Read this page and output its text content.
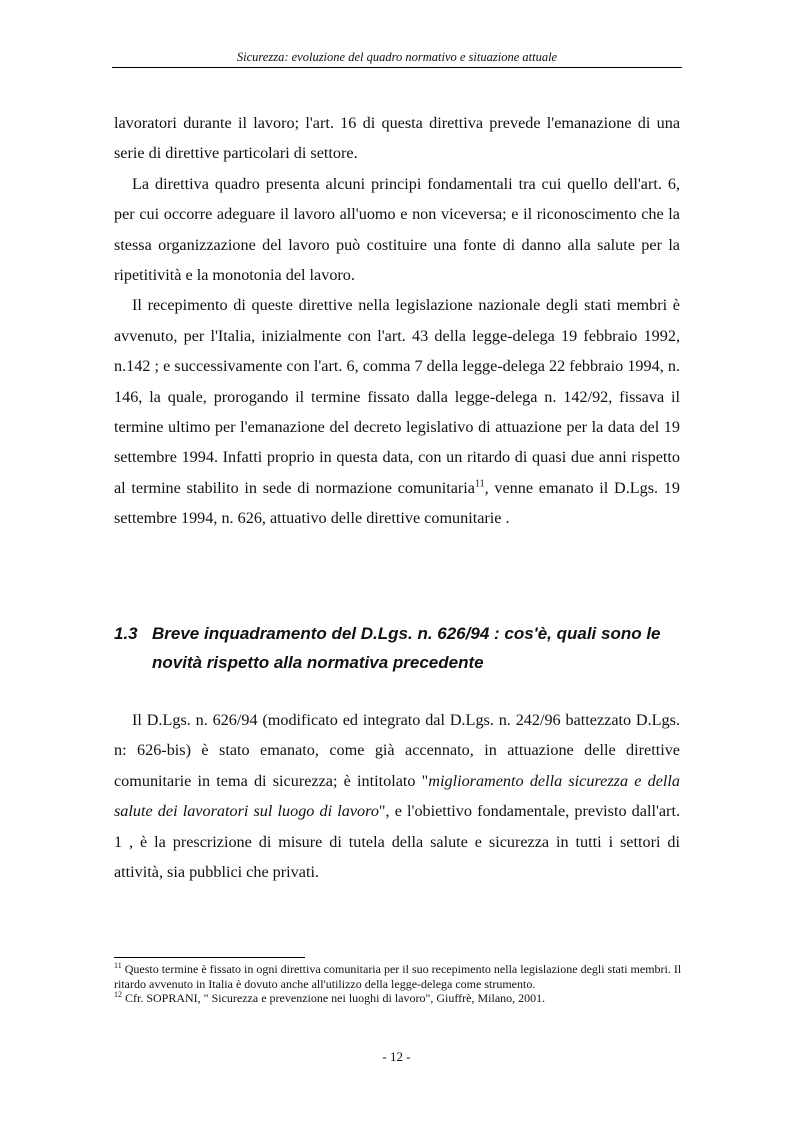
Sicurezza: evoluzione del quadro normativo e situazione attuale

lavoratori durante il lavoro; l'art. 16 di questa direttiva prevede l'emanazione di una serie di direttive particolari di settore.

La direttiva quadro presenta alcuni principi fondamentali tra cui quello dell'art. 6, per cui occorre adeguare il lavoro all'uomo e non viceversa; e il riconoscimento che la stessa organizzazione del lavoro può costituire una fonte di danno alla salute per la ripetitività e la monotonia del lavoro.

Il recepimento di queste direttive nella legislazione nazionale degli stati membri è avvenuto, per l'Italia, inizialmente con l'art. 43 della legge-delega 19 febbraio 1992, n.142 ; e successivamente con l'art. 6, comma 7 della legge-delega 22 febbraio 1994, n. 146, la quale, prorogando il termine fissato dalla legge-delega n. 142/92, fissava il termine ultimo per l'emanazione del decreto legislativo di attuazione per la data del 19 settembre 1994. Infatti proprio in questa data, con un ritardo di quasi due anni rispetto al termine stabilito in sede di normazione comunitaria$^{11}$, venne emanato il D.Lgs. 19 settembre 1994, n. 626, attuativo delle direttive comunitarie .

1.3 Breve inquadramento del D.Lgs. n. 626/94 : cos'è, quali sono le novità rispetto alla normativa precedente

Il D.Lgs. n. 626/94 (modificato ed integrato dal D.Lgs. n. 242/96 battezzato D.Lgs. n: 626-bis) è stato emanato, come già accennato, in attuazione delle direttive comunitarie in tema di sicurezza; è intitolato "miglioramento della sicurezza e della salute dei lavoratori sul luogo di lavoro", e l'obiettivo fondamentale, previsto dall'art. 1 , è la prescrizione di misure di tutela della salute e sicurezza in tutti i settori di attività, sia pubblici che privati.

$^{11}$ Questo termine è fissato in ogni direttiva comunitaria per il suo recepimento nella legislazione degli stati membri. Il ritardo avvenuto in Italia è dovuto anche all'utilizzo della legge-delega come strumento.

$^{12}$ Cfr. SOPRANI, " Sicurezza e prevenzione nei luoghi di lavoro", Giuffrè, Milano, 2001.

- 12 -
